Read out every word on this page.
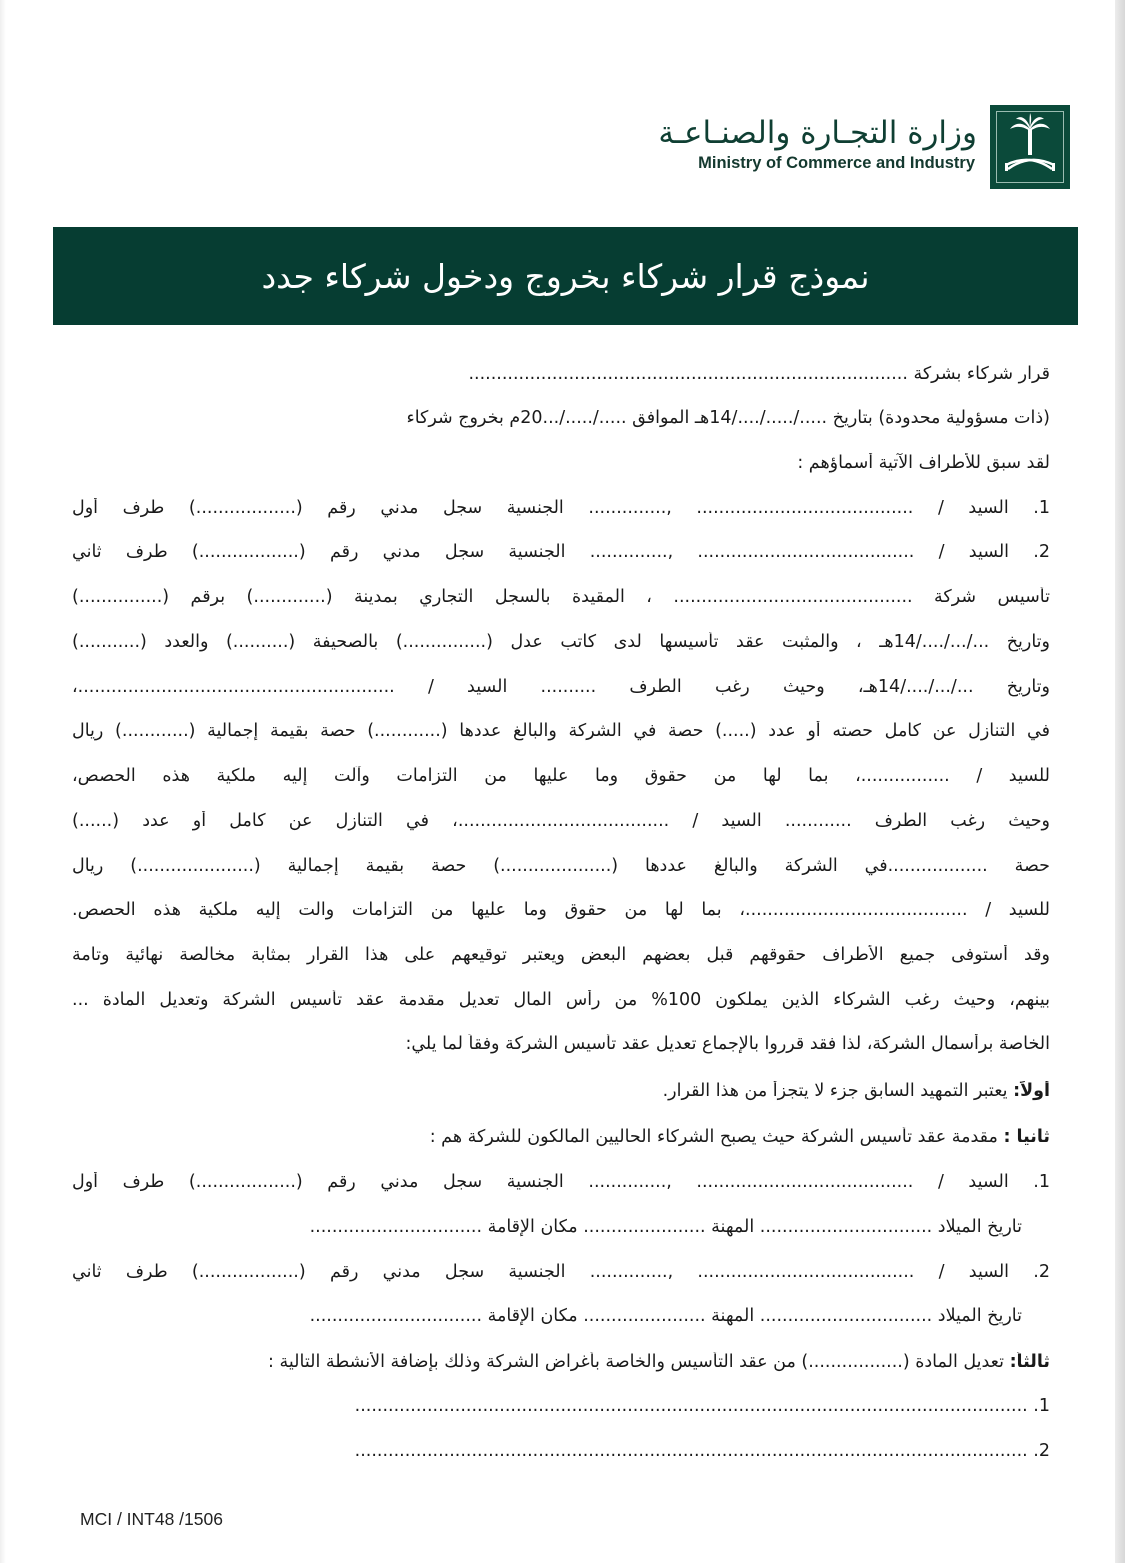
وزارة التجـارة والصنـاعـة
Ministry of Commerce and Industry
نموذج قرار شركاء بخروج ودخول شركاء جدد
قرار شركاء بشركة ...............................................................................
(ذات مسؤولية محدودة) بتاريخ ...../...../..../14هـ الموافق ...../...../...20م بخروج شركاء
لقد سبق للأطراف الآتية أسماؤهم :
1. السيد / ....................................... ,.............. الجنسية سجل مدني رقم (..................) طرف أول
2. السيد / ....................................... ,.............. الجنسية سجل مدني رقم (..................) طرف ثاني
تأسيس شركة ........................................... ، المقيدة بالسجل التجاري بمدينة (.............) برقم (...............)
وتاريخ .../.../..../14هـ ، والمثبت عقد تأسيسها لدى كاتب عدل (...............) بالصحيفة (..........) والعدد (...........)
وتاريخ .../.../..../14هـ، وحيث رغب الطرف .......... السيد / .........................................................،
في التنازل عن كامل حصته أو عدد (.....) حصة في الشركة والبالغ عددها (............) حصة بقيمة إجمالية (............) ريال
للسيد / ................، بما لها من حقوق وما عليها من التزامات وآلت إليه ملكية هذه الحصص،
وحيث رغب الطرف ............ السيد / ......................................، في التنازل عن كامل أو عدد (......)
حصة ..................في الشركة والبالغ عددها (....................) حصة بقيمة إجمالية (.....................) ريال
للسيد / ........................................، بما لها من حقوق وما عليها من التزامات والت إليه ملكية هذه الحصص.
وقد أستوفى جميع الأطراف حقوقهم قبل بعضهم البعض ويعتبر توقيعهم على هذا القرار بمثابة مخالصة نهائية وتامة
بينهم، وحيث رغب الشركاء الذين يملكون 100% من رأس المال تعديل مقدمة عقد تأسيس الشركة وتعديل المادة ...
الخاصة برأسمال الشركة، لذا فقد قرروا بالإجماع تعديل عقد تأسيس الشركة وفقاً لما يلي:
أولاً: يعتبر التمهيد السابق جزء لا يتجزأ من هذا القرار.
ثانيا : مقدمة عقد تأسيس الشركة حيث يصبح الشركاء الحاليين المالكون للشركة هم :
1. السيد / ....................................... ,.............. الجنسية سجل مدني رقم (..................) طرف أول
تاريخ الميلاد ............................... المهنة ...................... مكان الإقامة ...............................
2. السيد / ....................................... ,.............. الجنسية سجل مدني رقم (..................) طرف ثاني
تاريخ الميلاد ............................... المهنة ...................... مكان الإقامة ...............................
ثالثاً: تعديل المادة (.................) من عقد التأسيس والخاصة بأغراض الشركة وذلك بإضافة الأنشطة التالية :
1. .........................................................................................................................
2. .........................................................................................................................
MCI / INT48 /1506
